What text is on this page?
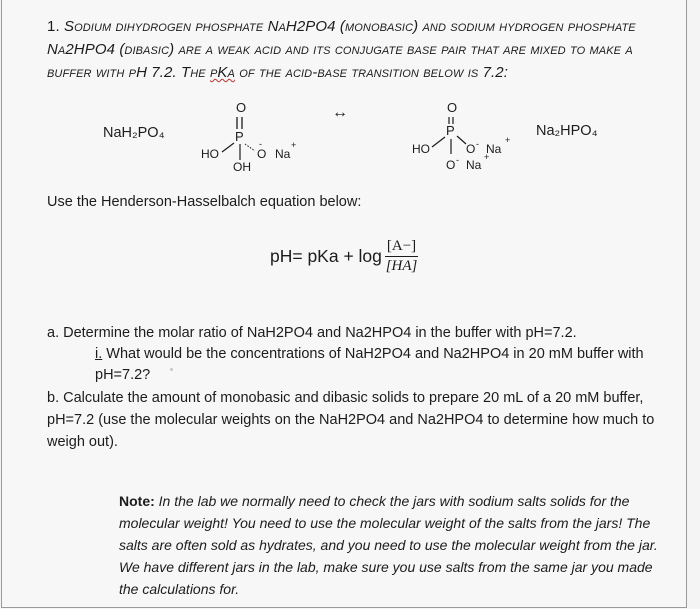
1. Sodium dihydrogen phosphate NaH2PO4 (monobasic) and sodium hydrogen phosphate Na2HPO4 (dibasic) are a weak acid and its conjugate base pair that are mixed to make a buffer with pH 7.2. The pKa of the acid-base transition below is 7.2:
NaH₂PO₄
O
P
HO
OH
O
-
Na
+
↔	O
P
HO	O - Na
+
O - Na
+
Na₂HPO₄
Use the Henderson-Hasselbalch equation below:
pH= pKa + $\log \frac{[A-]}{[HA]}$
a. Determine the molar ratio of NaH2PO4 and Na2HPO4 in the buffer with pH=7.2.
i. What would be the concentrations of NaH2PO4 and Na2HPO4 in 20 mM buffer with pH=7.2?
b. Calculate the amount of monobasic and dibasic solids to prepare 20 mL of a 20 mM buffer, pH=7.2 (use the molecular weights on the NaH2PO4 and Na2HPO4 to determine how much to weigh out).
Note: In the lab we normally need to check the jars with sodium salts solids for the molecular weight! You need to use the molecular weight of the salts from the jars! The salts are often sold as hydrates, and you need to use the molecular weight from the jar. We have different jars in the lab, make sure you use salts from the same jar you made the calculations for.
